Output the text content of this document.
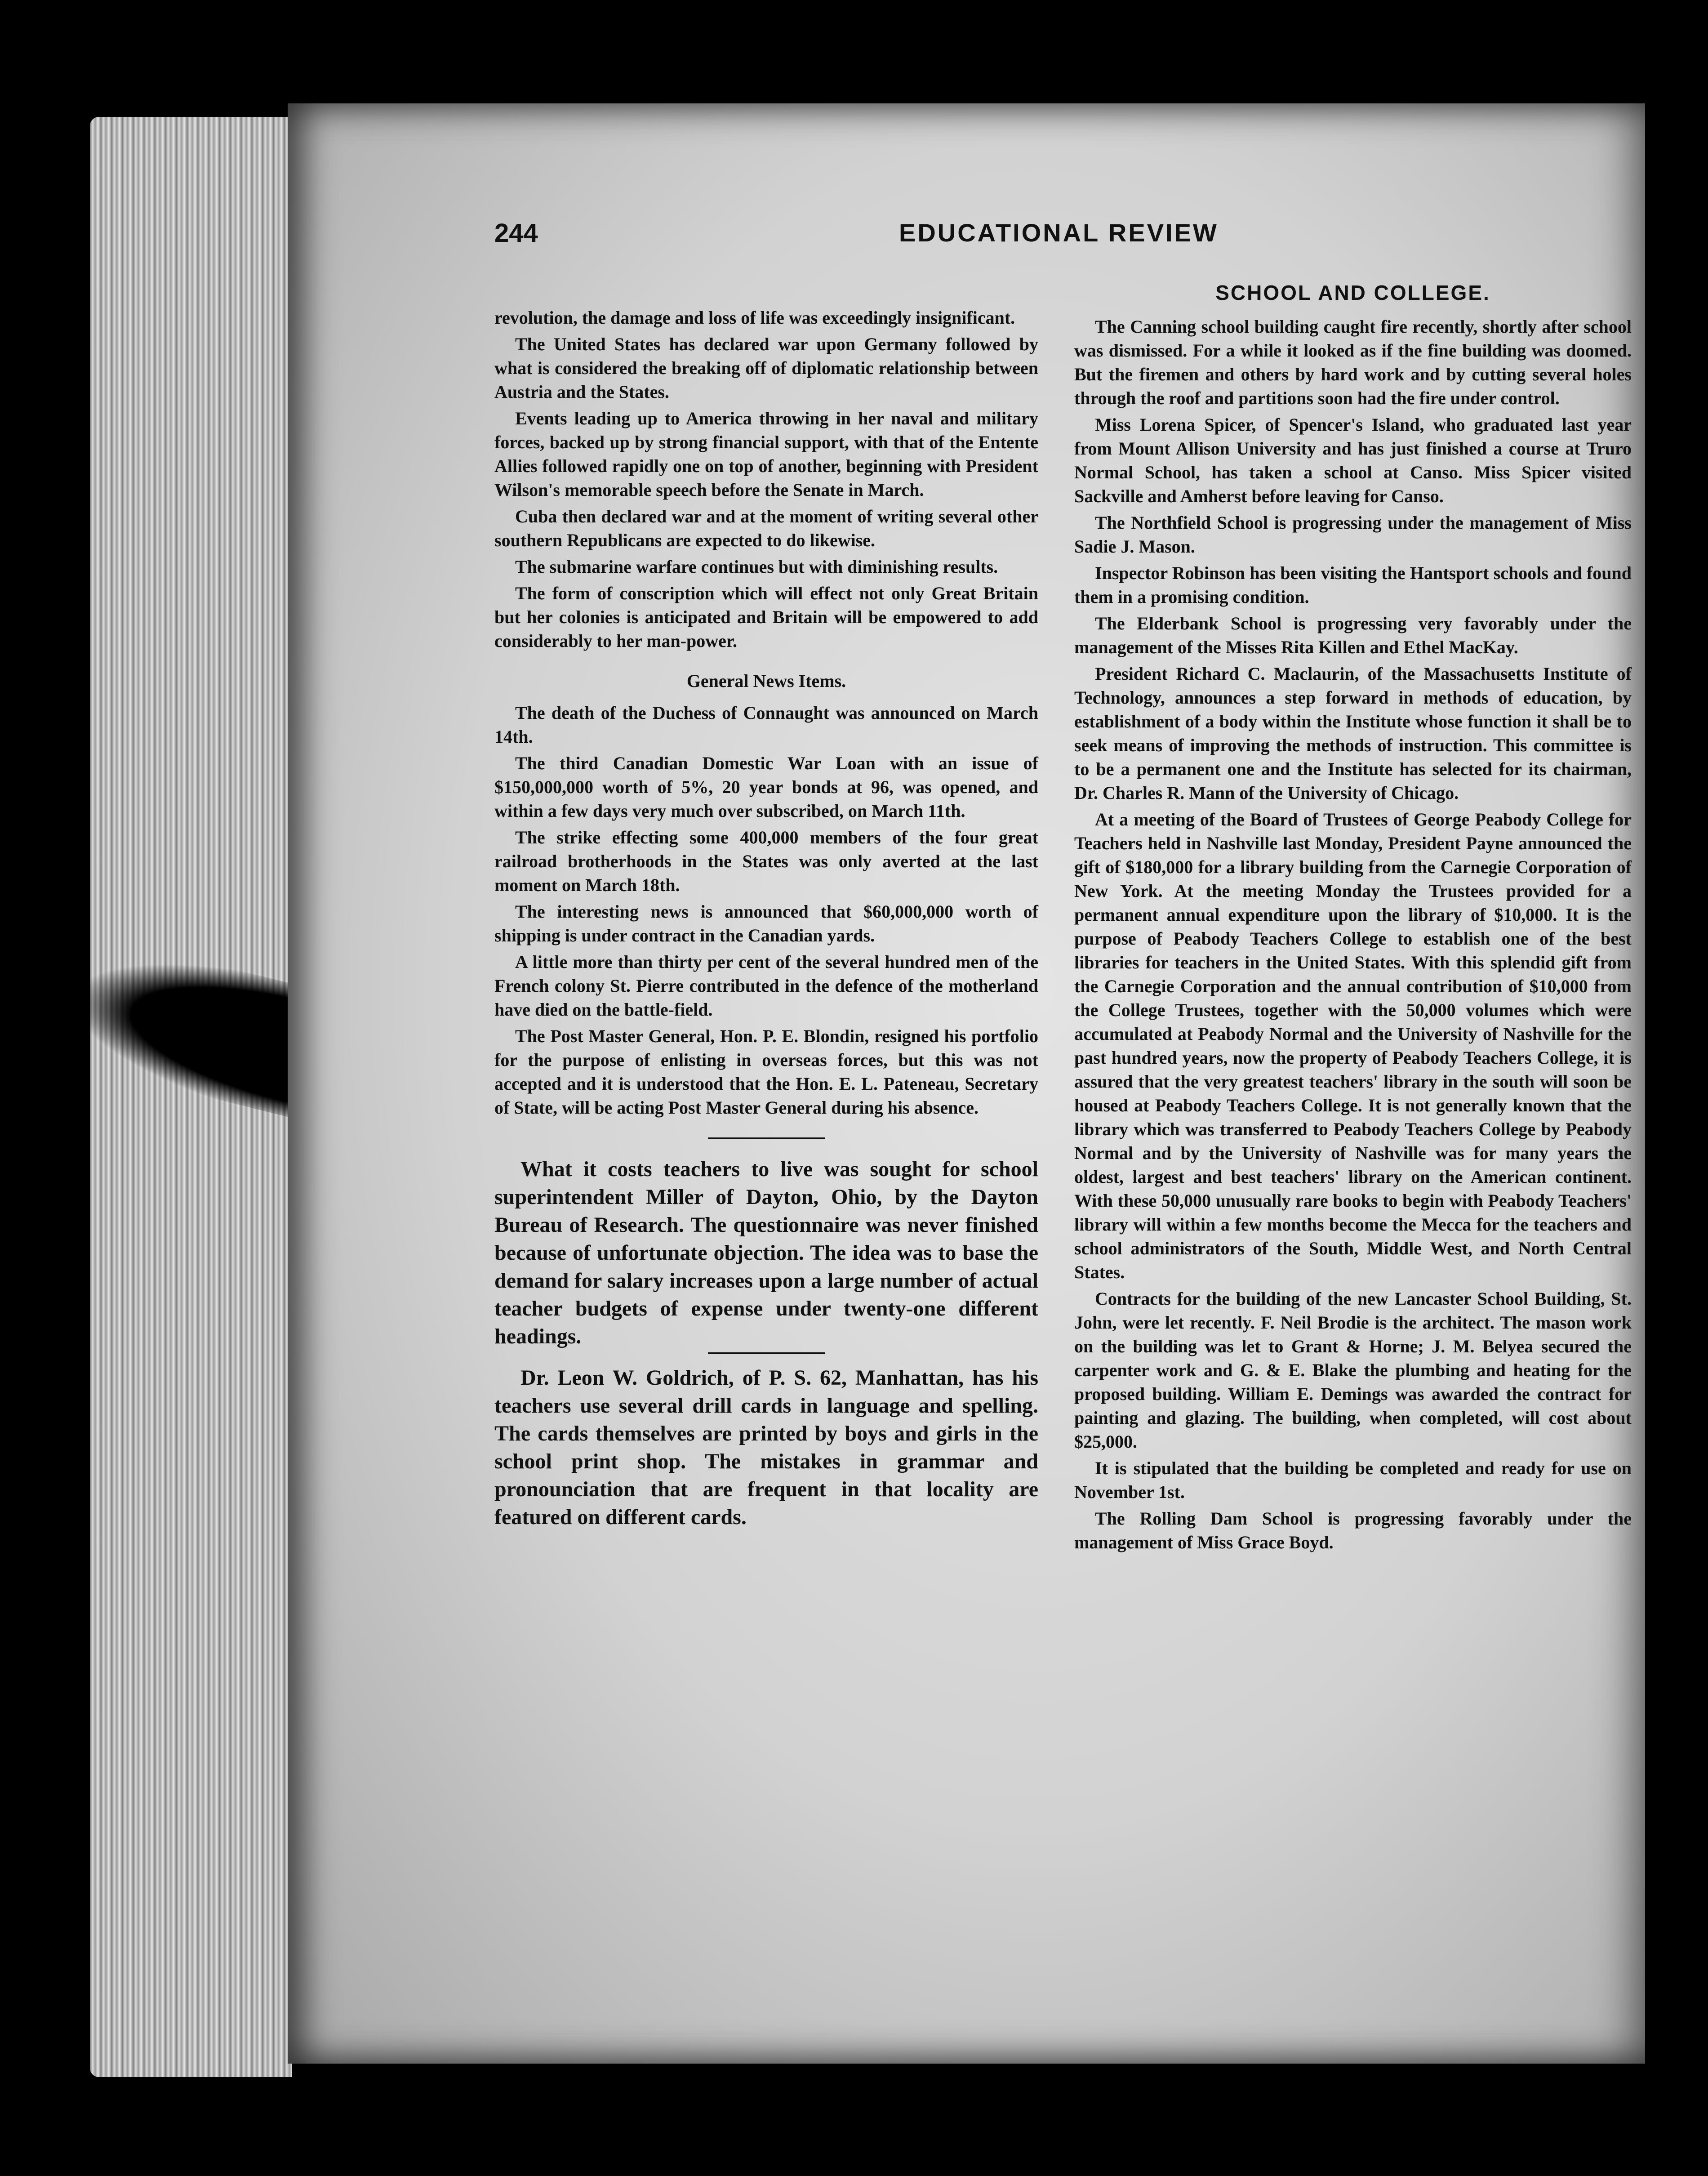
244	EDUCATIONAL REVIEW

revolution, the damage and loss of life was exceedingly insignificant.

The United States has declared war upon Germany followed by what is considered the breaking off of diplomatic relationship between Austria and the States.

Events leading up to America throwing in her naval and military forces, backed up by strong financial support, with that of the Entente Allies followed rapidly one on top of another, beginning with President Wilson's memorable speech before the Senate in March.

Cuba then declared war and at the moment of writing several other southern Republicans are expected to do likewise.

The submarine warfare continues but with diminishing results.

The form of conscription which will effect not only Great Britain but her colonies is anticipated and Britain will be empowered to add considerably to her man-power.

General News Items.

The death of the Duchess of Connaught was announced on March 14th.

The third Canadian Domestic War Loan with an issue of $150,000,000 worth of 5%, 20 year bonds at 96, was opened, and within a few days very much over subscribed, on March 11th.

The strike effecting some 400,000 members of the four great railroad brotherhoods in the States was only averted at the last moment on March 18th.

The interesting news is announced that $60,000,000 worth of shipping is under contract in the Canadian yards.

A little more than thirty per cent of the several hundred men of the French colony St. Pierre contributed in the defence of the motherland have died on the battle-field.

The Post Master General, Hon. P. E. Blondin, resigned his portfolio for the purpose of enlisting in overseas forces, but this was not accepted and it is understood that the Hon. E. L. Pateneau, Secretary of State, will be acting Post Master General during his absence.

What it costs teachers to live was sought for school superintendent Miller of Dayton, Ohio, by the Dayton Bureau of Research. The questionnaire was never finished because of unfortunate objection. The idea was to base the demand for salary increases upon a large number of actual teacher budgets of expense under twenty-one different headings.

Dr. Leon W. Goldrich, of P. S. 62, Manhattan, has his teachers use several drill cards in language and spelling. The cards themselves are printed by boys and girls in the school print shop. The mistakes in grammar and pronounciation that are frequent in that locality are featured on different cards.

SCHOOL AND COLLEGE.

The Canning school building caught fire recently, shortly after school was dismissed. For a while it looked as if the fine building was doomed. But the firemen and others by hard work and by cutting several holes through the roof and partitions soon had the fire under control.

Miss Lorena Spicer, of Spencer's Island, who graduated last year from Mount Allison University and has just finished a course at Truro Normal School, has taken a school at Canso. Miss Spicer visited Sackville and Amherst before leaving for Canso.

The Northfield School is progressing under the management of Miss Sadie J. Mason.

Inspector Robinson has been visiting the Hantsport schools and found them in a promising condition.

The Elderbank School is progressing very favorably under the management of the Misses Rita Killen and Ethel MacKay.

President Richard C. Maclaurin, of the Massachusetts Institute of Technology, announces a step forward in methods of education, by establishment of a body within the Institute whose function it shall be to seek means of improving the methods of instruction. This committee is to be a permanent one and the Institute has selected for its chairman, Dr. Charles R. Mann of the University of Chicago.

At a meeting of the Board of Trustees of George Peabody College for Teachers held in Nashville last Monday, President Payne announced the gift of $180,000 for a library building from the Carnegie Corporation of New York. At the meeting Monday the Trustees provided for a permanent annual expenditure upon the library of $10,000. It is the purpose of Peabody Teachers College to establish one of the best libraries for teachers in the United States. With this splendid gift from the Carnegie Corporation and the annual contribution of $10,000 from the College Trustees, together with the 50,000 volumes which were accumulated at Peabody Normal and the University of Nashville for the past hundred years, now the property of Peabody Teachers College, it is assured that the very greatest teachers' library in the south will soon be housed at Peabody Teachers College. It is not generally known that the library which was transferred to Peabody Teachers College by Peabody Normal and by the University of Nashville was for many years the oldest, largest and best teachers' library on the American continent. With these 50,000 unusually rare books to begin with Peabody Teachers' library will within a few months become the Mecca for the teachers and school administrators of the South, Middle West, and North Central States.

Contracts for the building of the new Lancaster School Building, St. John, were let recently. F. Neil Brodie is the architect. The mason work on the building was let to Grant & Horne; J. M. Belyea secured the carpenter work and G. & E. Blake the plumbing and heating for the proposed building. William E. Demings was awarded the contract for painting and glazing. The building, when completed, will cost about $25,000.

It is stipulated that the building be completed and ready for use on November 1st.

The Rolling Dam School is progressing favorably under the management of Miss Grace Boyd.
